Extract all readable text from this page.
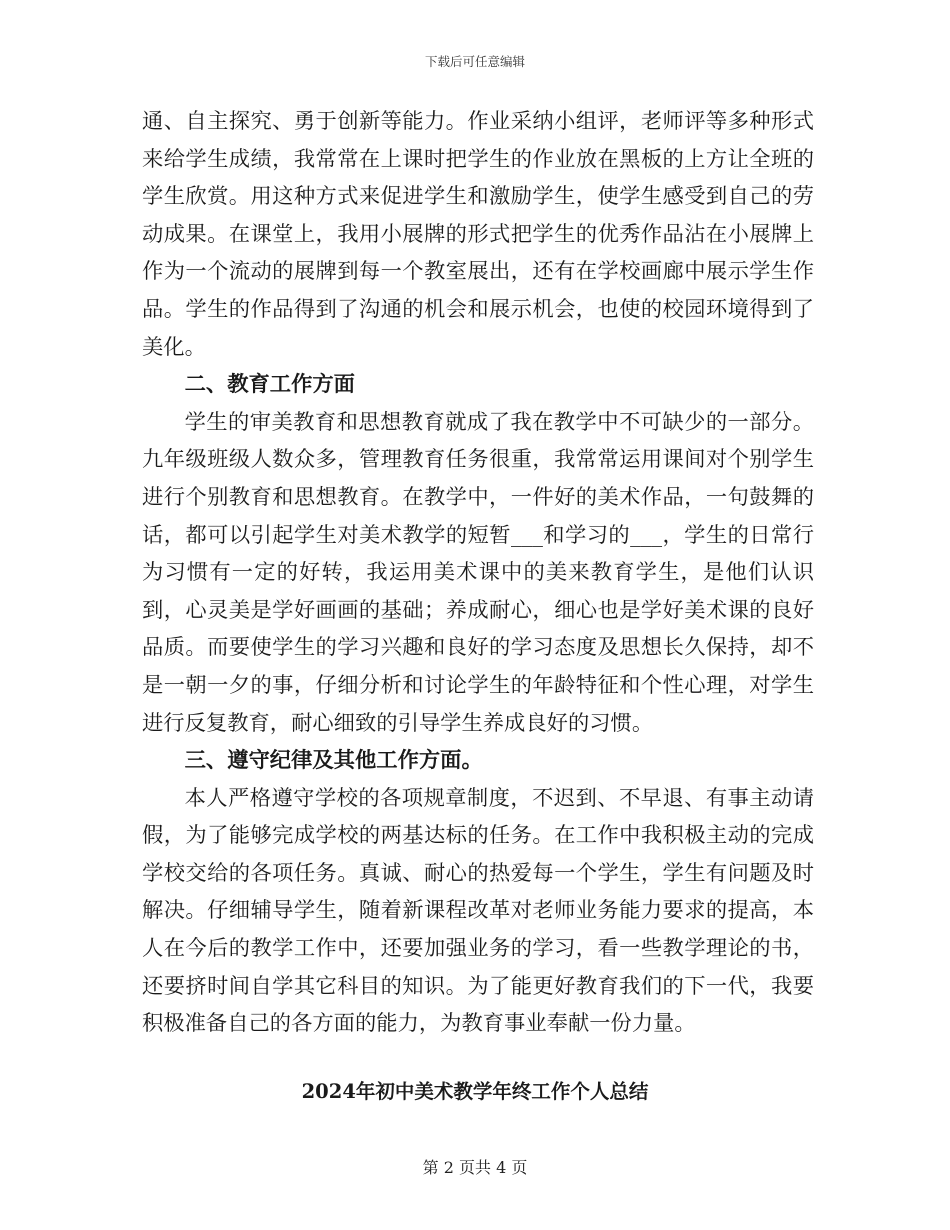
下载后可任意编辑

通、自主探究、勇于创新等能力。作业采纳小组评，老师评等多种形式来给学生成绩，我常常在上课时把学生的作业放在黑板的上方让全班的学生欣赏。用这种方式来促进学生和激励学生，使学生感受到自己的劳动成果。在课堂上，我用小展牌的形式把学生的优秀作品沾在小展牌上作为一个流动的展牌到每一个教室展出，还有在学校画廊中展示学生作品。学生的作品得到了沟通的机会和展示机会，也使的校园环境得到了美化。

二、教育工作方面

学生的审美教育和思想教育就成了我在教学中不可缺少的一部分。九年级班级人数众多，管理教育任务很重，我常常运用课间对个别学生进行个别教育和思想教育。在教学中，一件好的美术作品，一句鼓舞的话，都可以引起学生对美术教学的短暂___和学习的___，学生的日常行为习惯有一定的好转，我运用美术课中的美来教育学生，是他们认识到，心灵美是学好画画的基础；养成耐心，细心也是学好美术课的良好品质。而要使学生的学习兴趣和良好的学习态度及思想长久保持，却不是一朝一夕的事，仔细分析和讨论学生的年龄特征和个性心理，对学生进行反复教育，耐心细致的引导学生养成良好的习惯。

三、遵守纪律及其他工作方面。

本人严格遵守学校的各项规章制度，不迟到、不早退、有事主动请假，为了能够完成学校的两基达标的任务。在工作中我积极主动的完成学校交给的各项任务。真诚、耐心的热爱每一个学生，学生有问题及时解决。仔细辅导学生，随着新课程改革对老师业务能力要求的提高，本人在今后的教学工作中，还要加强业务的学习，看一些教学理论的书，还要挤时间自学其它科目的知识。为了能更好教育我们的下一代，我要积极准备自己的各方面的能力，为教育事业奉献一份力量。

2024年初中美术教学年终工作个人总结
第 2 页共 4 页
